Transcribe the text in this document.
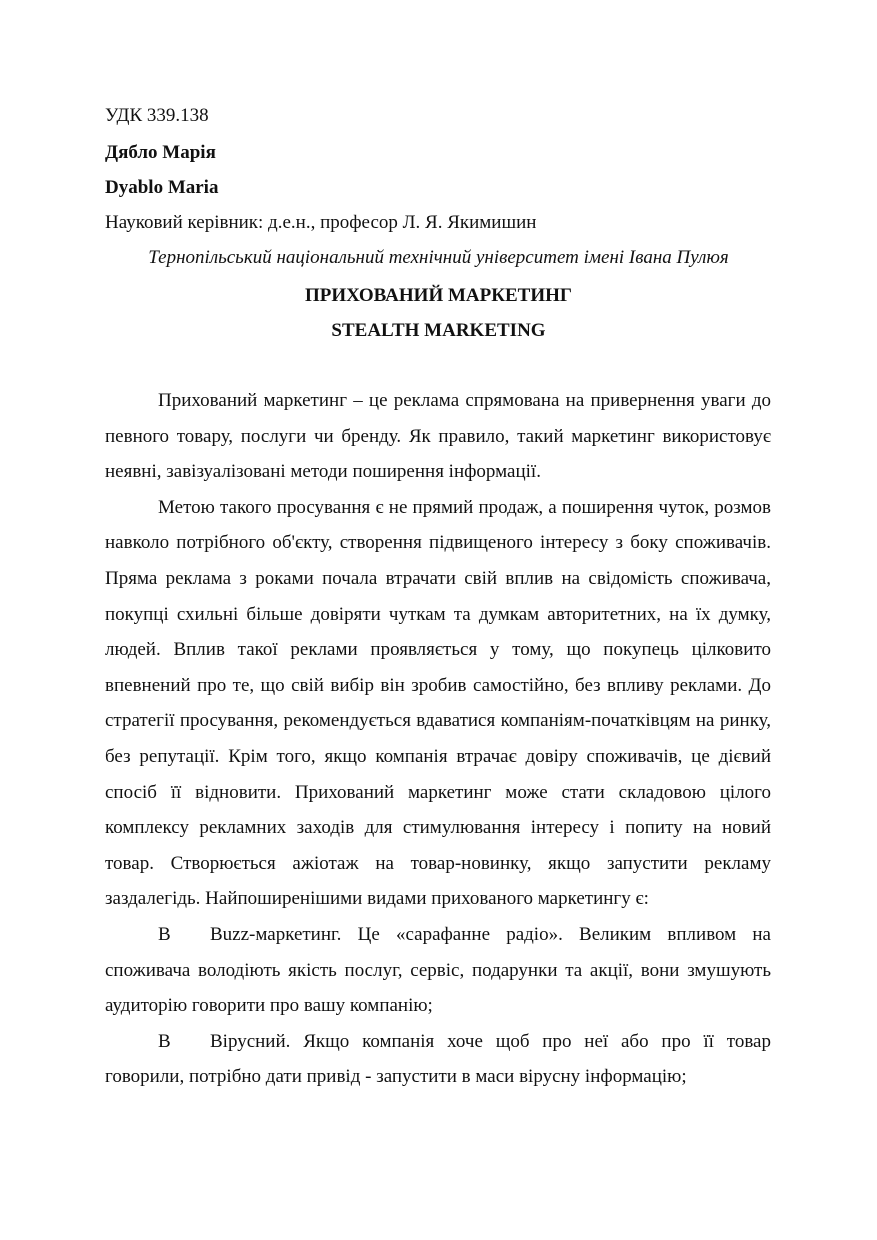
УДК 339.138
Дябло Марія
Dyablo Maria
Науковий керівник: д.е.н., професор Л. Я. Якимишин
Тернопільський національний технічний університет імені Івана Пулюя
ПРИХОВАНИЙ МАРКЕТИНГ
STEALTH MARKETING

Прихований маркетинг – це реклама спрямована на привернення уваги до певного товару, послуги чи бренду. Як правило, такий маркетинг використовує неявні, завізуалізовані методи поширення інформації.

Метою такого просування є не прямий продаж, а поширення чуток, розмов навколо потрібного об'єкту, створення підвищеного інтересу з боку споживачів. Пряма реклама з роками почала втрачати свій вплив на свідомість споживача, покупці схильні більше довіряти чуткам та думкам авторитетних, на їх думку, людей. Вплив такої реклами проявляється у тому, що покупець цілковито впевнений про те, що свій вибір він зробив самостійно, без впливу реклами. До стратегії просування, рекомендується вдаватися компаніям-початківцям на ринку, без репутації. Крім того, якщо компанія втрачає довіру споживачів, це дієвий спосіб її відновити. Прихований маркетинг може стати складовою цілого комплексу рекламних заходів для стимулювання інтересу і попиту на новий товар. Створюється ажіотаж на товар-новинку, якщо запустити рекламу заздалегідь. Найпоширенішими видами прихованого маркетингу є:

В Buzz-маркетинг. Це «сарафанне радіо». Великим впливом на споживача володіють якість послуг, сервіс, подарунки та акції, вони змушують аудиторію говорити про вашу компанію;

В Вірусний. Якщо компанія хоче щоб про неї або про її товар говорили, потрібно дати привід - запустити в маси вірусну інформацію;
